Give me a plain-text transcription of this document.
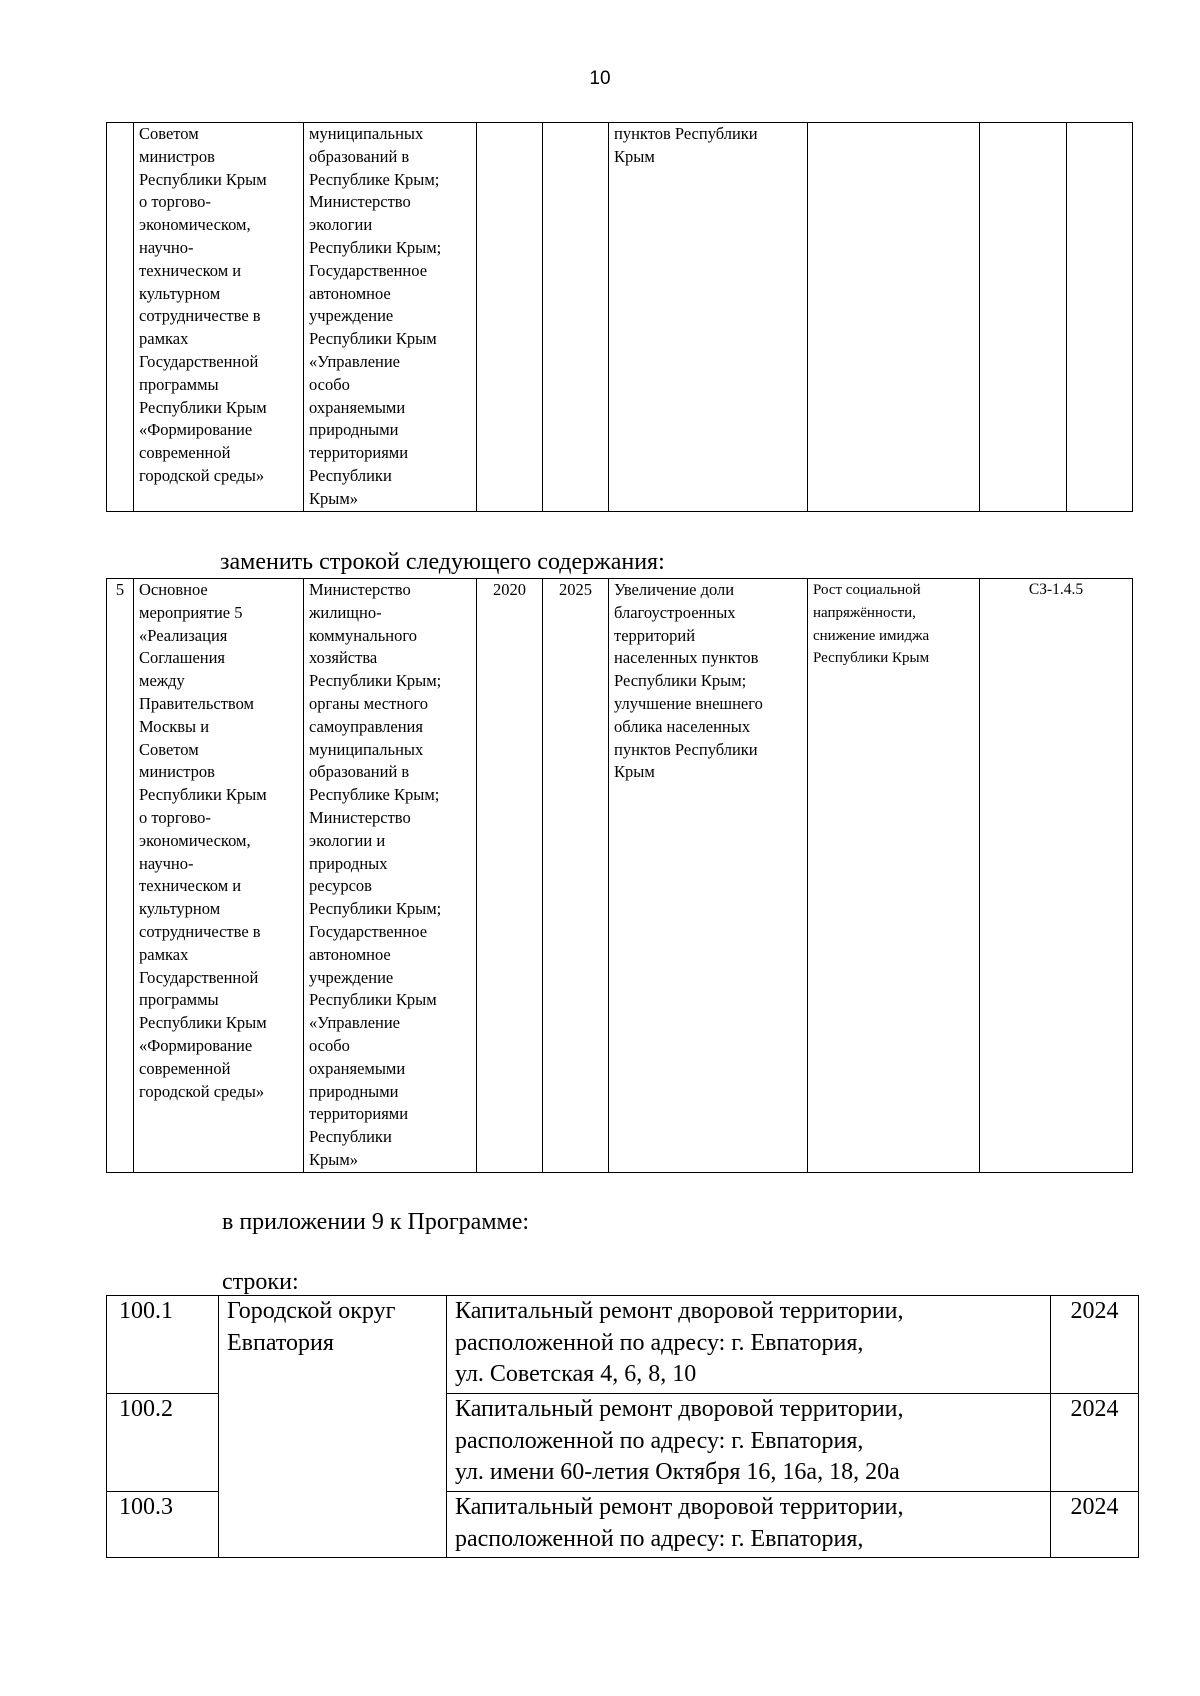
10
	Советом
министров
Республики Крым
о торгово-
экономическом,
научно-
техническом и
культурном
сотрудничестве в
рамках
Государственной
программы
Республики Крым
«Формирование
современной
городской среды»	муниципальных
образований в
Республике Крым;
Министерство
экологии
Республики Крым;
Государственное
автономное
учреждение
Республики Крым
«Управление
особо
охраняемыми
природными
территориями
Республики
Крым»			пунктов Республики
Крым			
заменить строкой следующего содержания:
5	Основное
мероприятие 5
«Реализация
Соглашения
между
Правительством
Москвы и
Советом
министров
Республики Крым
о торгово-
экономическом,
научно-
техническом и
культурном
сотрудничестве в
рамках
Государственной
программы
Республики Крым
«Формирование
современной
городской среды»	Министерство
жилищно-
коммунального
хозяйства
Республики Крым;
органы местного
самоуправления
муниципальных
образований в
Республике Крым;
Министерство
экологии и
природных
ресурсов
Республики Крым;
Государственное
автономное
учреждение
Республики Крым
«Управление
особо
охраняемыми
природными
территориями
Республики
Крым»	2020	2025	Увеличение доли
благоустроенных
территорий
населенных пунктов
Республики Крым;
улучшение внешнего
облика населенных
пунктов Республики
Крым	Рост социальной
напряжённости,
снижение имиджа
Республики Крым	СЗ-1.4.5
в приложении 9 к Программе:
строки:
100.1	Городской округ
Евпатория	Капитальный ремонт дворовой территории,
расположенной по адресу: г. Евпатория,
ул. Советская 4, 6, 8, 10	2024
100.2		Капитальный ремонт дворовой территории,
расположенной по адресу: г. Евпатория,
ул. имени 60-летия Октября 16, 16а, 18, 20а	2024
100.3		Капитальный ремонт дворовой территории,
расположенной по адресу: г. Евпатория,	2024
